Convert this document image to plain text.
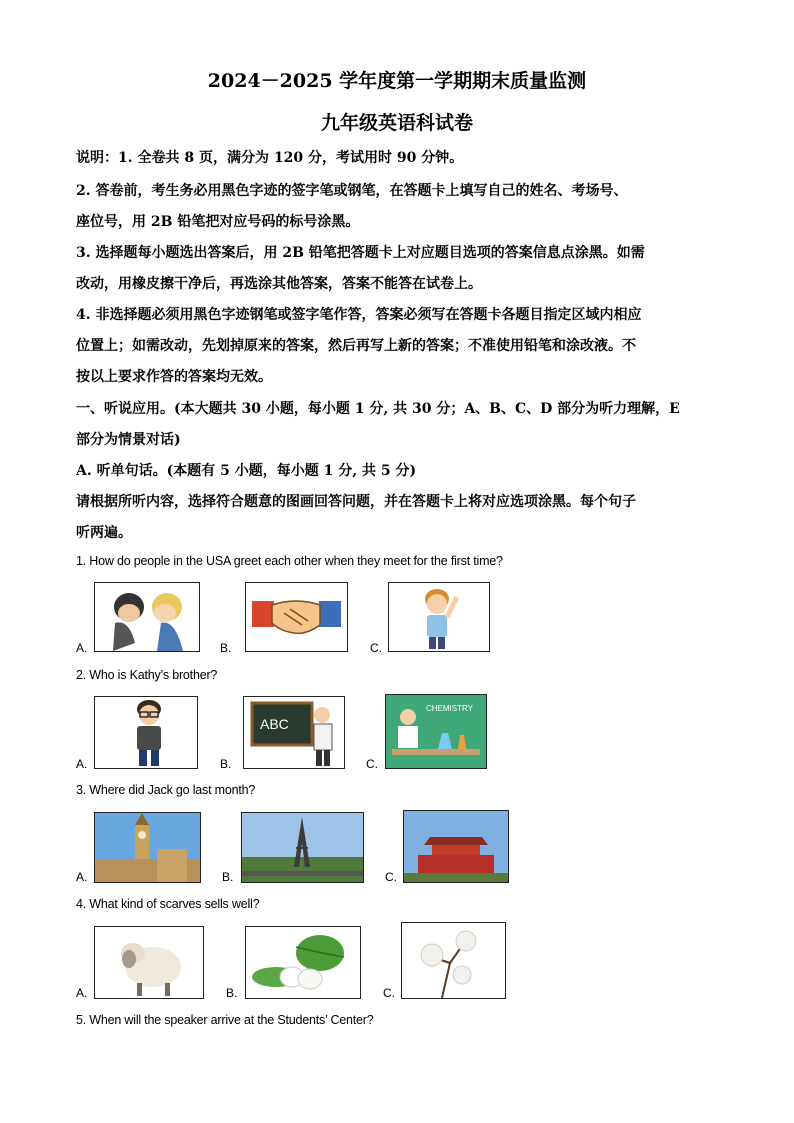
2024－2025 学年度第一学期期末质量监测
九年级英语科试卷
说明：1. 全卷共 8 页，满分为 120 分，考试用时 90 分钟。
2. 答卷前，考生务必用黑色字迹的签字笔或钢笔，在答题卡上填写自己的姓名、考场号、
座位号，用 2B 铅笔把对应号码的标号涂黑。
3. 选择题每小题选出答案后，用 2B 铅笔把答题卡上对应题目选项的答案信息点涂黑。如需
改动，用橡皮擦干净后，再选涂其他答案，答案不能答在试卷上。
4. 非选择题必须用黑色字迹钢笔或签字笔作答，答案必须写在答题卡各题目指定区域内相应
位置上；如需改动，先划掉原来的答案，然后再写上新的答案；不准使用铅笔和涂改液。不
按以上要求作答的答案均无效。
一、听说应用。(本大题共 30 小题，每小题 1 分, 共 30 分；A、B、C、D 部分为听力理解，E
部分为情景对话)
A. 听单句话。(本题有 5 小题，每小题 1 分, 共 5 分)
请根据所听内容，选择符合题意的图画回答问题，并在答题卡上将对应选项涂黑。每个句子
听两遍。
1. How do people in the USA greet each other when they meet for the first time?
A.	B.	C.
2. Who is Kathy’s brother?
A.	B.
ABC
C.
CHEMISTRY
3. Where did Jack go last month?
A.	B.	C.
4. What kind of scarves sells well?
A.	B.	C.
5. When will the speaker arrive at the Students’ Center?
